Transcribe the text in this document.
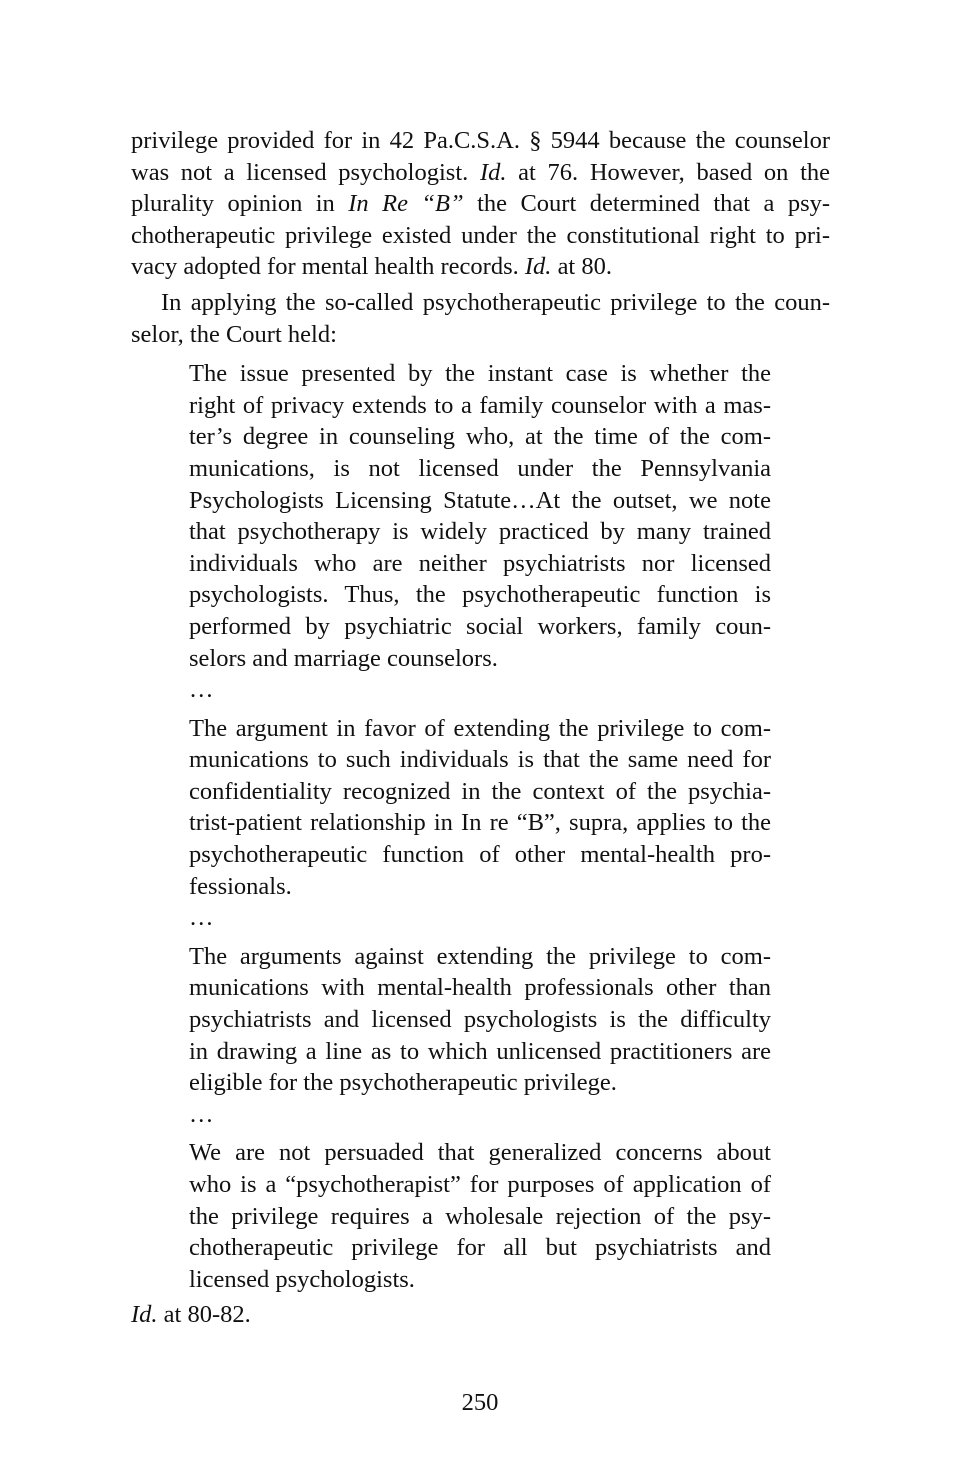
privilege provided for in 42 Pa.C.S.A. § 5944 because the counselor
was not a licensed psychologist. Id. at 76. However, based on the
plurality opinion in In Re “B” the Court determined that a psy-
chotherapeutic privilege existed under the constitutional right to pri-
vacy adopted for mental health records. Id. at 80.
In applying the so-called psychotherapeutic privilege to the coun-
selor, the Court held:
The issue presented by the instant case is whether the
right of privacy extends to a family counselor with a mas-
ter’s degree in counseling who, at the time of the com-
munications, is not licensed under the Pennsylvania
Psychologists Licensing Statute…At the outset, we note
that psychotherapy is widely practiced by many trained
individuals who are neither psychiatrists nor licensed
psychologists. Thus, the psychotherapeutic function is
performed by psychiatric social workers, family coun-
selors and marriage counselors.
…
The argument in favor of extending the privilege to com-
munications to such individuals is that the same need for
confidentiality recognized in the context of the psychia-
trist-patient relationship in In re “B”, supra, applies to the
psychotherapeutic function of other mental-health pro-
fessionals.
…
The arguments against extending the privilege to com-
munications with mental-health professionals other than
psychiatrists and licensed psychologists is the difficulty
in drawing a line as to which unlicensed practitioners are
eligible for the psychotherapeutic privilege.
…
We are not persuaded that generalized concerns about
who is a “psychotherapist” for purposes of application of
the privilege requires a wholesale rejection of the psy-
chotherapeutic privilege for all but psychiatrists and
licensed psychologists.
Id. at 80-82.
250
